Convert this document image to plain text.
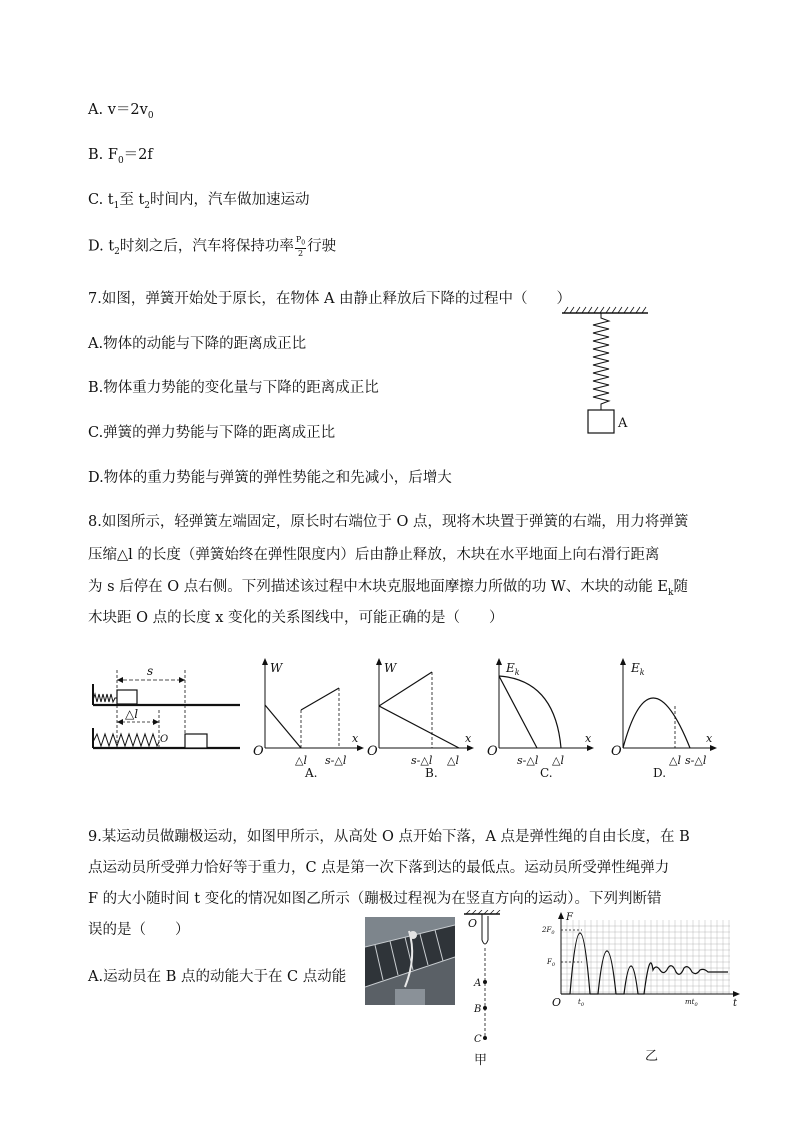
A. $v=2v_0$
B. $F_0=2f$
C. $t_1$至 $t_2$时间内，汽车做加速运动
D. $t_2$时刻之后，汽车将保持功率 $\frac{P_0}{2}$ 行驶
7.如图，弹簧开始处于原长，在物体 A 由静止释放后下降的过程中（　　）
A.物体的动能与下降的距离成正比
B.物体重力势能的变化量与下降的距离成正比
C.弹簧的弹力势能与下降的距离成正比
D.物体的重力势能与弹簧的弹性势能之和先减小，后增大
A
8.如图所示，轻弹簧左端固定，原长时右端位于 O 点，现将木块置于弹簧的右端，用力将弹簧
压缩△l 的长度（弹簧始终在弹性限度内）后由静止释放，木块在水平地面上向右滑行距离
为 s 后停在 O 点右侧。下列描述该过程中木块克服地面摩擦力所做的功 W、木块的动能 $E_k$随
木块距 O 点的长度 x 变化的关系图线中，可能正确的是（　　）
s
△l
O
W
x
O
△l s-△l
A.
W
x
O
s-△l △l
B.
$E_k$
x
O
s-△l △l
C.
$E_k$
x
O
△l s-△l
D.
9.某运动员做蹦极运动，如图甲所示，从高处 O 点开始下落，A 点是弹性绳的自由长度，在 B
点运动员所受弹力恰好等于重力，C 点是第一次下落到达的最低点。运动员所受弹性绳弹力
F 的大小随时间 t 变化的情况如图乙所示（蹦极过程视为在竖直方向的运动）。下列判断错
误的是（　　）
A.运动员在 B 点的动能大于在 C 点动能
O
A
B
C
甲
F
t
O
$2F_0$
$F_0$
$t_0$	$mt_0$
乙
